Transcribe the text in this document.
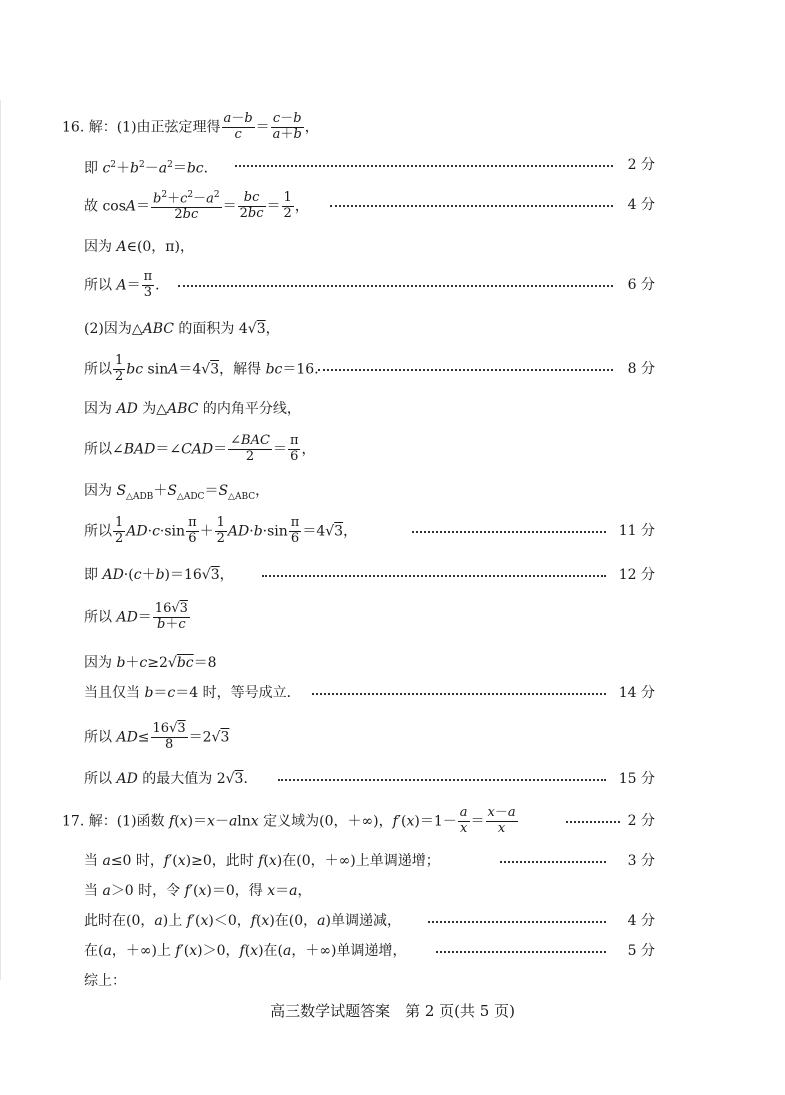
16. 解：(1)由正弦定理得 $\frac{a-b}{c} = \frac{c-b}{a+b}$ ，
即 $c^2+b^2-a^2=bc$．	2 分
故 $\cos A= \frac{b^2+c^2-a^2}{2bc} = \frac{bc}{2bc} = \frac{1}{2}$ ，	4 分
因为 A∈(0，π)，
所以 $A= \frac{\pi}{3}$ ．	6 分
(2)因为△ABC 的面积为 4√3，
所以 $\frac{1}{2}$ bc sinA＝4√3，解得 bc＝16．	8 分
因为 AD 为△ABC 的内角平分线，
所以∠BAD＝∠CAD＝
∠BAC
2	＝ $\frac{\pi}{6}$ ，
因为 $S_{\triangle ADB}+S_{\triangle ADC}=S_{\triangle ABC}$，
所以 $\frac{1}{2} AD\cdot c\cdot\sin \frac{\pi}{6} + \frac{1}{2} AD\cdot b\cdot\sin \frac{\pi}{6} =4√3$，	11 分
即 AD·(c＋b)＝16√3，	12 分
所以 $AD= \frac{16√3}{b+c}$
因为 b＋c≥2√bc＝8
当且仅当 b＝c＝4 时，等号成立．	14 分
所以 $AD\le \frac{16√3}{8} =2√3$
所以 AD 的最大值为 2√3．	15 分
17. 解：(1)函数 f(x)＝x－alnx 定义域为(0，＋∞)，$f'(x)=1- \frac{a}{x} = \frac{x-a}{x}$	2 分
当 a≤0 时，f′(x)≥0，此时 f(x)在(0，＋∞)上单调递增；	3 分
当 a＞0 时，令 f′(x)＝0，得 x＝a，
此时在(0，a)上 f′(x)＜0，f(x)在(0，a)单调递减，	4 分
在(a，＋∞)上 f′(x)＞0，f(x)在(a，＋∞)单调递增，	5 分
综上：
高三数学试题答案　第 2 页(共 5 页)
